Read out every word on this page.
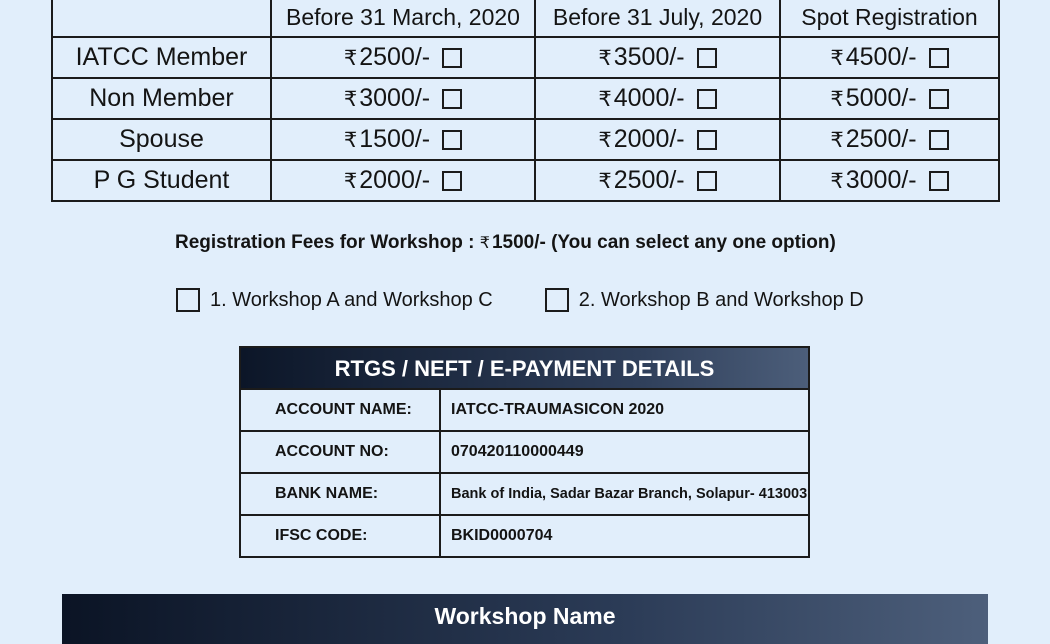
	Before 31 March, 2020	Before 31 July, 2020	Spot Registration
IATCC Member	₹2500/-	₹3500/-	₹4500/-

Non Member	₹3000/-	₹4000/-	₹5000/-

Spouse	₹1500/-	₹2000/-	₹2500/-

P G Student	₹2000/-	₹2500/-	₹3000/-
Registration Fees for Workshop : ₹ 1500/- (You can select any one option)
1. Workshop A and Workshop C	2. Workshop B and Workshop D
RTGS / NEFT / E-PAYMENT DETAILS
ACCOUNT NAME:	IATCC-TRAUMASICON 2020
ACCOUNT NO:	070420110000449
BANK NAME:	Bank of India, Sadar Bazar Branch, Solapur- 413003
IFSC CODE:	BKID0000704
Workshop Name
